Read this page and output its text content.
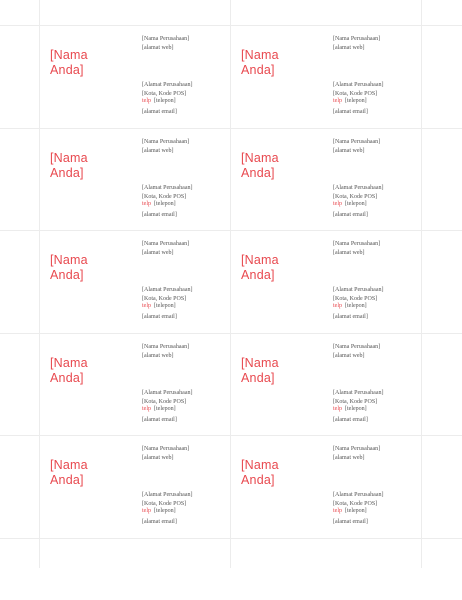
[Nama
Anda]
[Nama Perusahaan]
[alamat web]
[Alamat Perusahaan]
[Kota, Kode POS]
telp [telepon]
[alamat email]
[Nama
Anda]
[Nama Perusahaan]
[alamat web]
[Alamat Perusahaan]
[Kota, Kode POS]
telp [telepon]
[alamat email]
[Nama
Anda]
[Nama Perusahaan]
[alamat web]
[Alamat Perusahaan]
[Kota, Kode POS]
telp [telepon]
[alamat email]
[Nama
Anda]
[Nama Perusahaan]
[alamat web]
[Alamat Perusahaan]
[Kota, Kode POS]
telp [telepon]
[alamat email]
[Nama
Anda]
[Nama Perusahaan]
[alamat web]
[Alamat Perusahaan]
[Kota, Kode POS]
telp [telepon]
[alamat email]
[Nama
Anda]
[Nama Perusahaan]
[alamat web]
[Alamat Perusahaan]
[Kota, Kode POS]
telp [telepon]
[alamat email]
[Nama
Anda]
[Nama Perusahaan]
[alamat web]
[Alamat Perusahaan]
[Kota, Kode POS]
telp [telepon]
[alamat email]
[Nama
Anda]
[Nama Perusahaan]
[alamat web]
[Alamat Perusahaan]
[Kota, Kode POS]
telp [telepon]
[alamat email]
[Nama
Anda]
[Nama Perusahaan]
[alamat web]
[Alamat Perusahaan]
[Kota, Kode POS]
telp [telepon]
[alamat email]
[Nama
Anda]
[Nama Perusahaan]
[alamat web]
[Alamat Perusahaan]
[Kota, Kode POS]
telp [telepon]
[alamat email]
